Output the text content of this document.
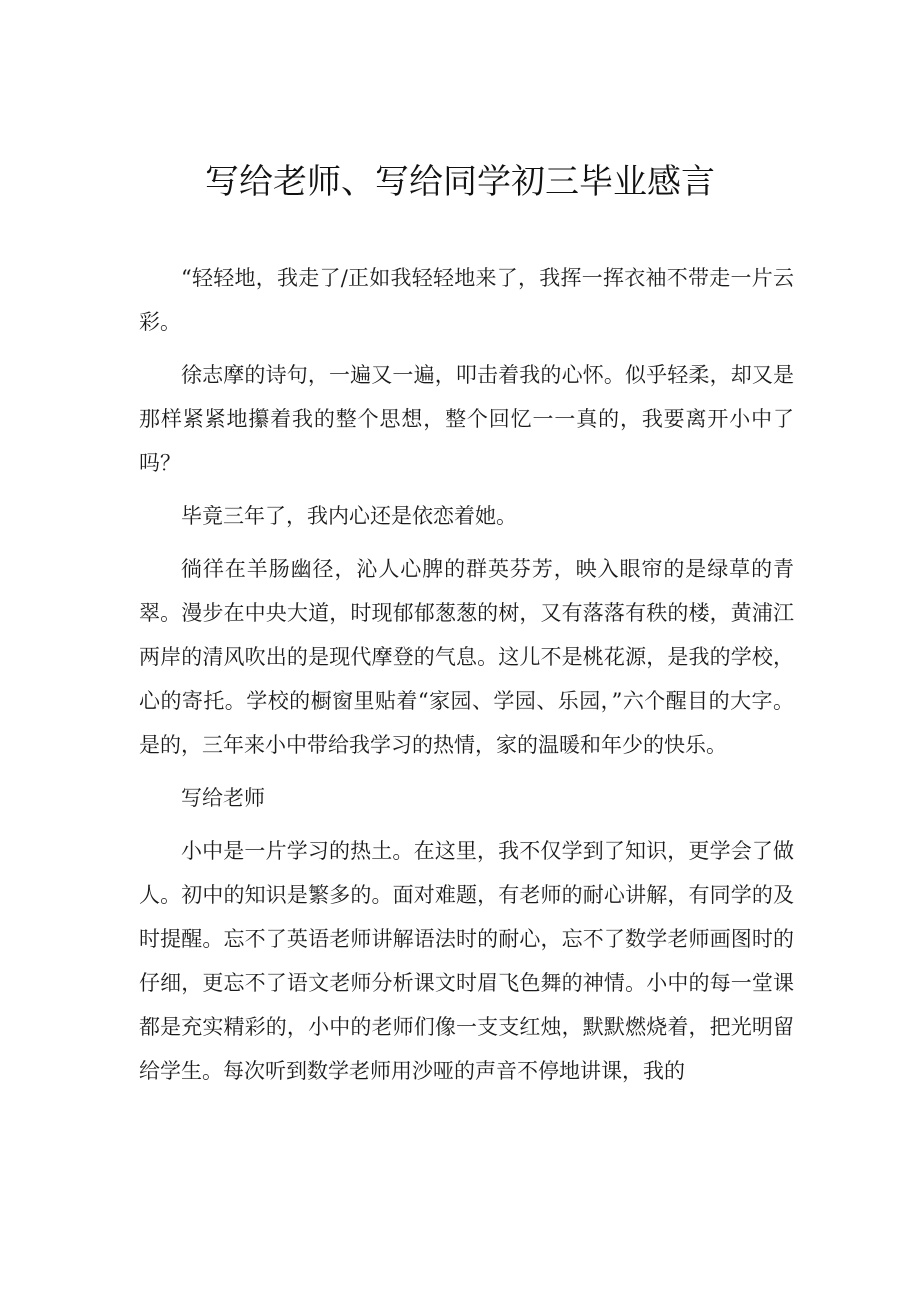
写给老师、写给同学初三毕业感言

“轻轻地，我走了/正如我轻轻地来了，我挥一挥衣袖不带走一片云彩。

徐志摩的诗句，一遍又一遍，叩击着我的心怀。似乎轻柔，却又是那样紧紧地攥着我的整个思想，整个回忆一一真的，我要离开小中了吗？

毕竟三年了，我内心还是依恋着她。

徜徉在羊肠幽径，沁人心脾的群英芬芳，映入眼帘的是绿草的青翠。漫步在中央大道，时现郁郁葱葱的树，又有落落有秩的楼，黄浦江两岸的清风吹出的是现代摩登的气息。这儿不是桃花源，是我的学校，心的寄托。学校的橱窗里贴着“家园、学园、乐园，”六个醒目的大字。是的，三年来小中带给我学习的热情，家的温暖和年少的快乐。

写给老师

小中是一片学习的热土。在这里，我不仅学到了知识，更学会了做人。初中的知识是繁多的。面对难题，有老师的耐心讲解，有同学的及时提醒。忘不了英语老师讲解语法时的耐心，忘不了数学老师画图时的仔细，更忘不了语文老师分析课文时眉飞色舞的神情。小中的每一堂课都是充实精彩的，小中的老师们像一支支红烛，默默燃烧着，把光明留给学生。每次听到数学老师用沙哑的声音不停地讲课，我的
